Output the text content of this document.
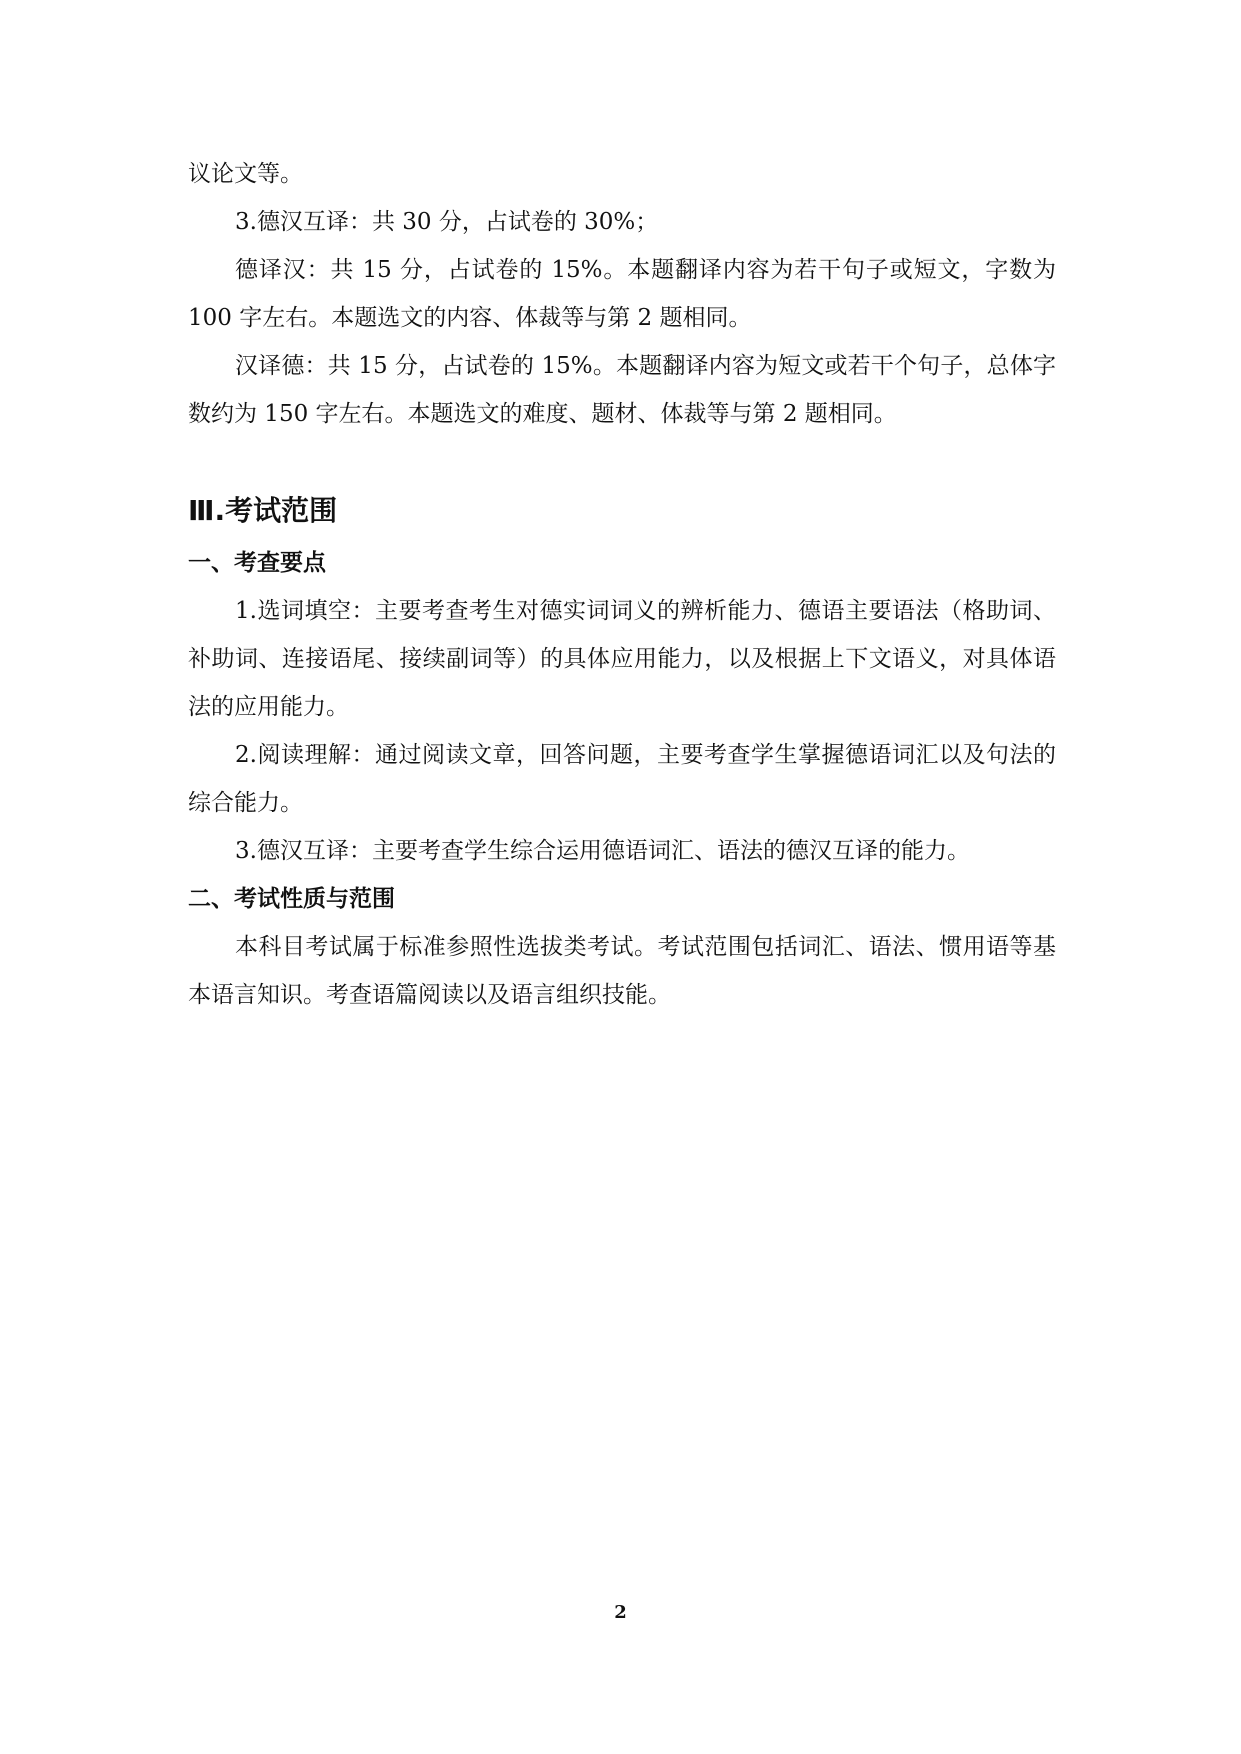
议论文等。

3.德汉互译：共 30 分，占试卷的 30%；

德译汉：共 15 分，占试卷的 15%。本题翻译内容为若干句子或短文，字数为100 字左右。本题选文的内容、体裁等与第 2 题相同。

汉译德：共 15 分，占试卷的 15%。本题翻译内容为短文或若干个句子，总体字数约为 150 字左右。本题选文的难度、题材、体裁等与第 2 题相同。

Ⅲ.考试范围
一、考查要点

1.选词填空：主要考查考生对德实词词义的辨析能力、德语主要语法（格助词、补助词、连接语尾、接续副词等）的具体应用能力，以及根据上下文语义，对具体语法的应用能力。

2.阅读理解：通过阅读文章，回答问题，主要考查学生掌握德语词汇以及句法的综合能力。

3.德汉互译：主要考查学生综合运用德语词汇、语法的德汉互译的能力。

二、考试性质与范围

本科目考试属于标准参照性选拔类考试。考试范围包括词汇、语法、惯用语等基本语言知识。考查语篇阅读以及语言组织技能。

2
